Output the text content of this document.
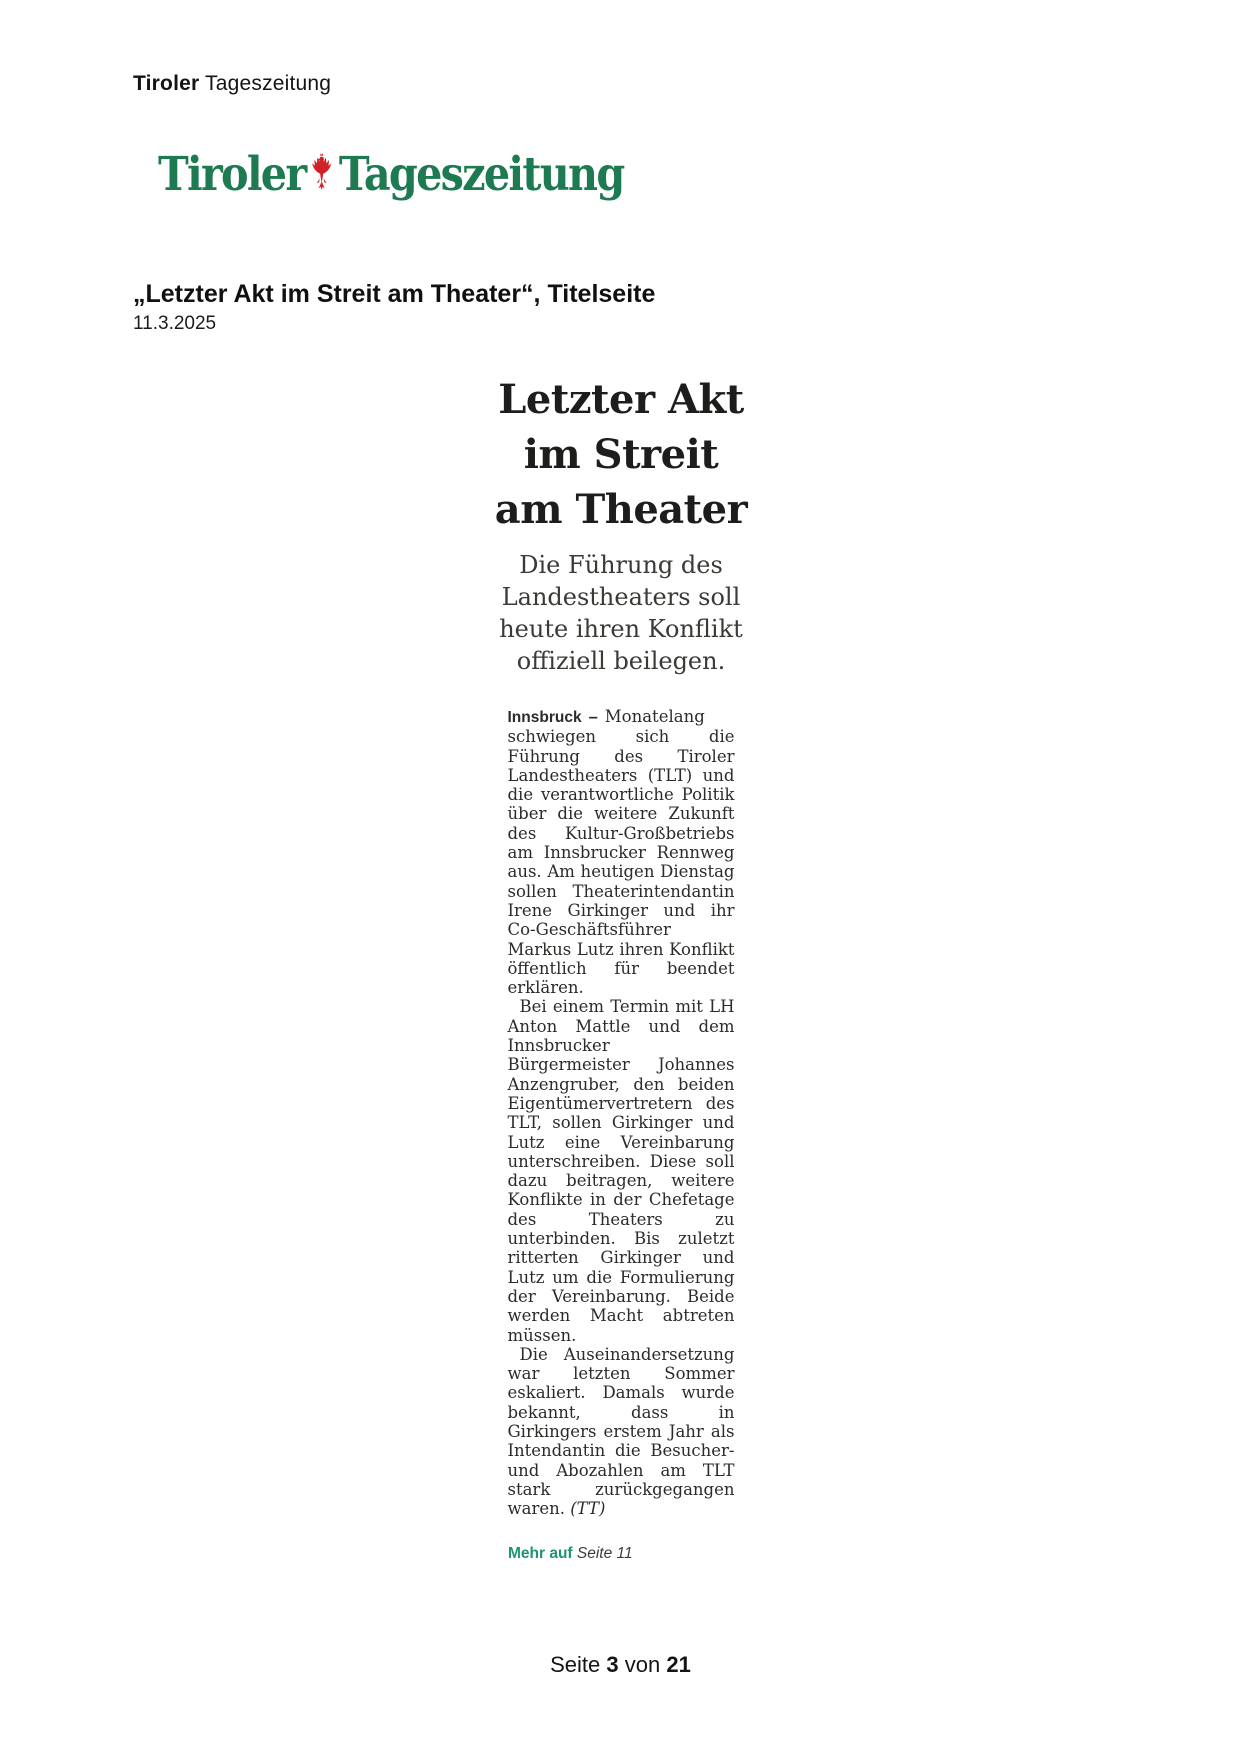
Tiroler Tageszeitung
Tiroler Tageszeitung
„Letzter Akt im Streit am Theater“, Titelseite
11.3.2025
Letzter Akt
im Streit
am Theater
Die Führung des
Landestheaters soll
heute ihren Konflikt
offiziell beilegen.

Innsbruck – Monatelang schwiegen sich die Führung des Tiroler Landestheaters (TLT) und die verantwortliche Politik über die weitere Zukunft des Kultur-Großbetriebs am Innsbrucker Rennweg aus. Am heutigen Dienstag sollen Theaterintendantin Irene Girkinger und ihr Co-Geschäftsführer Markus Lutz ihren Konflikt öffentlich für beendet erklären.

Bei einem Termin mit LH Anton Mattle und dem Innsbrucker Bürgermeister Johannes Anzengruber, den beiden Eigentümervertretern des TLT, sollen Girkinger und Lutz eine Vereinbarung unterschreiben. Diese soll dazu beitragen, weitere Konflikte in der Chefetage des Theaters zu unterbinden. Bis zuletzt ritterten Girkinger und Lutz um die Formulierung der Vereinbarung. Beide werden Macht abtreten müssen.

Die Auseinandersetzung war letzten Sommer eskaliert. Damals wurde bekannt, dass in Girkingers erstem Jahr als Intendantin die Besucher- und Abozahlen am TLT stark zurückgegangen waren. (TT)

Mehr auf Seite 11
Seite 3 von 21
